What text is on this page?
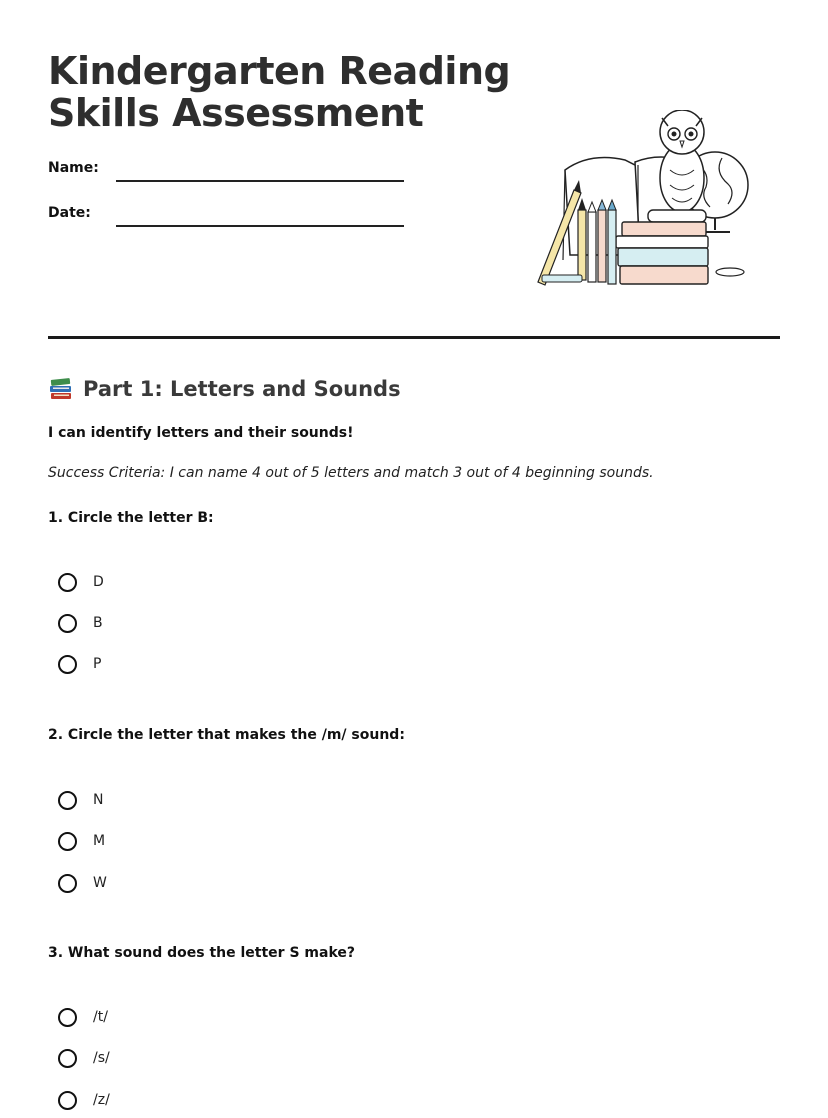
Kindergarten Reading
Skills Assessment
Name:
Date:
Part 1: Letters and Sounds
I can identify letters and their sounds!
Success Criteria: I can name 4 out of 5 letters and match 3 out of 4 beginning sounds.
1. Circle the letter B:
D
B
P
2. Circle the letter that makes the /m/ sound:
N
M
W
3. What sound does the letter S make?
/t/
/s/
/z/
